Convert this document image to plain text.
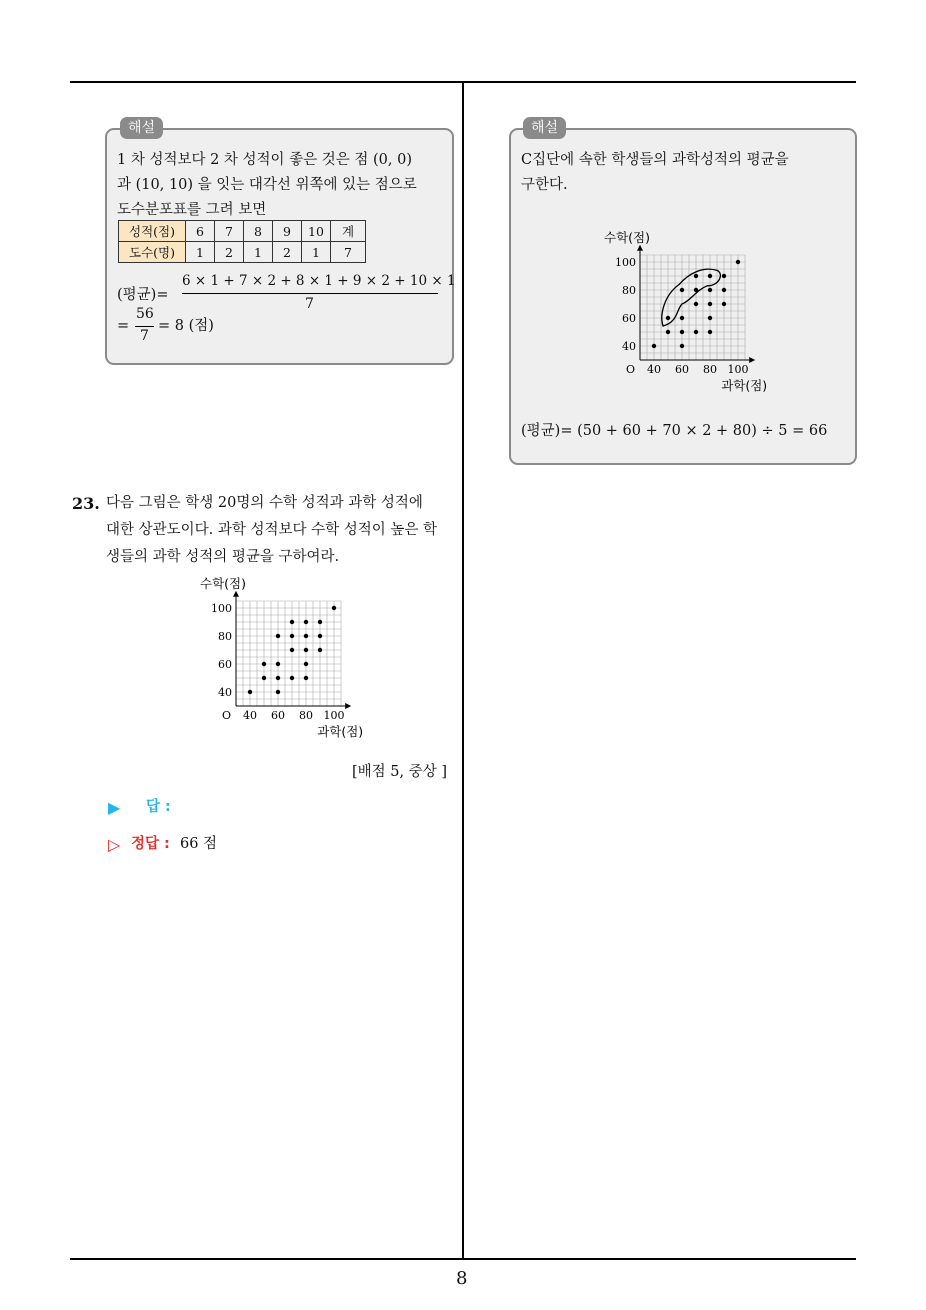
해설
1 차 성적보다 2 차 성적이 좋은 것은 점 (0, 0)
과 (10, 10) 을 잇는 대각선 위쪽에 있는 점으로
도수분포표를 그려 보면
성적(점)	6	7	8	9	10	계
도수(명)	1	2	1	2	1	7
(평균)=
6 × 1 + 7 × 2 + 8 × 1 + 9 × 2 + 10 × 1
7
=
56
7
= 8 (점)
23. 다음 그림은 학생 20명의 수학 성적과 과학 성적에
대한 상관도이다. 과학 성적보다 수학 성적이 높은 학
생들의 과학 성적의 평균을 구하여라.
40 60 80 100
40
60
80
100
O
수학(점)
과학(점)
[배점 5, 중상 ]
▶ 답 :
▷ 정답 : 66 점
해설
C집단에 속한 학생들의 과학성적의 평균을
구한다.
40 60 80 100
40
60
80
100
O
수학(점)
과학(점)
(평균)= (50 + 60 + 70 × 2 + 80) ÷ 5 = 66
8
